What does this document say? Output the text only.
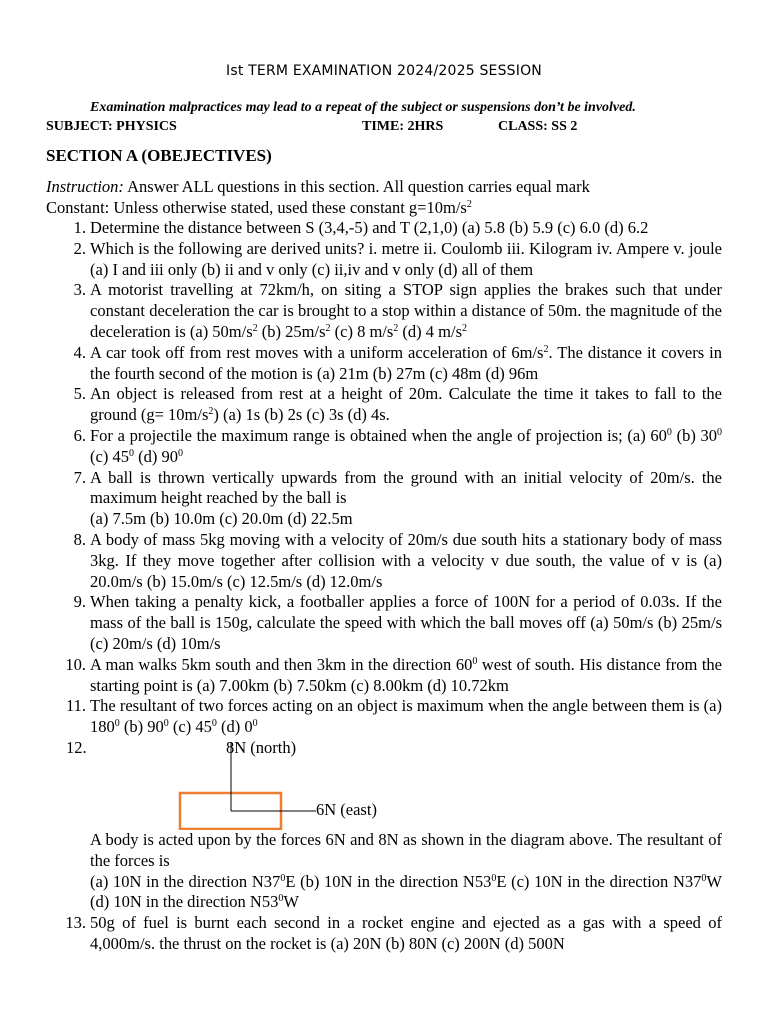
Ist TERM EXAMINATION 2024/2025 SESSION
Examination malpractices may lead to a repeat of the subject or suspensions don’t be involved.
SUBJECT: PHYSICS	TIME: 2HRS	CLASS: SS 2
SECTION A (OBEJECTIVES)
Instruction: Answer ALL questions in this section. All question carries equal mark
Constant: Unless otherwise stated, used these constant $g=10m/s^2$
1. Determine the distance between S (3,4,-5) and T (2,1,0) (a) 5.8 (b) 5.9 (c) 6.0 (d) 6.2
2. Which is the following are derived units? i. metre ii. Coulomb iii. Kilogram iv. Ampere v. joule (a) I and iii only (b) ii and v only (c) ii,iv and v only (d) all of them
3. A motorist travelling at 72km/h, on siting a STOP sign applies the brakes such that under constant deceleration the car is brought to a stop within a distance of 50m. the magnitude of the deceleration is (a) $50m/s^2$ (b) $25m/s^2$ (c) 8 $m/s^2$ (d) 4 $m/s^2$
4. A car took off from rest moves with a uniform acceleration of $6m/s^2$. The distance it covers in the fourth second of the motion is (a) 21m (b) 27m (c) 48m (d) 96m
5. An object is released from rest at a height of 20m. Calculate the time it takes to fall to the ground $(g= 10m/s^2)$ (a) 1s (b) 2s (c) 3s (d) 4s.
6. For a projectile the maximum range is obtained when the angle of projection is; (a) $60^0$ (b) $30^0$ (c) $45^0$ (d) $90^0$
7. A ball is thrown vertically upwards from the ground with an initial velocity of 20m/s. the maximum height reached by the ball is
(a) 7.5m (b) 10.0m (c) 20.0m (d) 22.5m
8. A body of mass 5kg moving with a velocity of 20m/s due south hits a stationary body of mass 3kg. If they move together after collision with a velocity v due south, the value of v is (a) 20.0m/s (b) 15.0m/s (c) 12.5m/s (d) 12.0m/s
9. When taking a penalty kick, a footballer applies a force of 100N for a period of 0.03s. If the mass of the ball is 150g, calculate the speed with which the ball moves off (a) 50m/s (b) 25m/s (c) 20m/s (d) 10m/s
10. A man walks 5km south and then 3km in the direction $60^0$ west of south. His distance from the starting point is (a) 7.00km (b) 7.50km (c) 8.00km (d) 10.72km
11. The resultant of two forces acting on an object is maximum when the angle between them is (a) $180^0$ (b) $90^0$ (c) $45^0$ (d) $0^0$
12.	8N (north)
6N (east)
A body is acted upon by the forces 6N and 8N as shown in the diagram above. The resultant of the forces is
(a) 10N in the direction $N37^0E$ (b) 10N in the direction $N53^0E$ (c) 10N in the direction $N37^0W$ (d) 10N in the direction $N53^0W$
13. 50g of fuel is burnt each second in a rocket engine and ejected as a gas with a speed of 4,000m/s. the thrust on the rocket is (a) 20N (b) 80N (c) 200N (d) 500N
